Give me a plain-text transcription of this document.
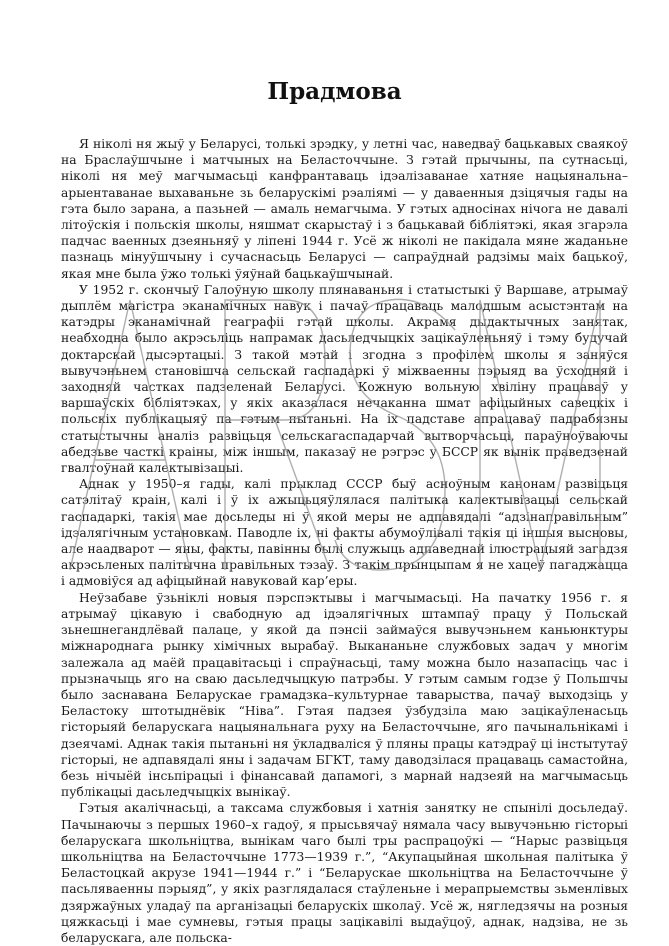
Прадмова

Я ніколі ня жыў у Беларусі, толькі зрэдку, у летні час, наведваў бацькавых сваякоў на Браслаўшчыне і матчыных на Беласточчыне. З гэтай прычыны, па сутнасьці, ніколі ня меў магчымасьці канфрантаваць ідэалізаванае хатняе нацыянальна–арыентаванае выхаваньне зь беларускімі рэаліямі — у даваенныя дзіцячыя гады на гэта было зарана, а пазьней — амаль немагчыма. У гэтых адносінах нічога не давалі літоўскія і польскія школы, няшмат скарыстаў і з бацькавай бібліятэкі, якая згарэла падчас ваенных дзеяньняў у ліпені 1944 г. Усё ж ніколі не пакідала мяне жаданьне пазнаць мінуўшчыну і сучаснасьць Беларусі — сапраўднай радзімы маіх бацькоў, якая мне была ўжо толькі ўяўнай бацькаўшчынай.

У 1952 г. скончыў Галоўную школу плянаваньня і статыстыкі ў Варшаве, атрымаў дыплём магістра эканамічных навук і пачаў працаваць малодшым асыстэнтам на катэдры эканамічнай геаграфіі гэтай школы. Акрамя дыдактычных занятак, неабходна было акрэсьліць напрамак дасьледчыцкіх зацікаўленьняў і тэму будучай доктарскай дысэртацыі. З такой мэтай і згодна з профілем школы я заняўся вывучэньнем становішча сельскай гаспадаркі ў міжваенны пэрыяд ва ўсходняй і заходняй частках падзеленай Беларусі. Кожную вольную хвіліну працаваў у варшаўскіх бібліятэках, у якіх аказалася нечаканна шмат афіцыйных савецкіх і польскіх публікацыяў па гэтым пытаньні. На іх падставе апрацаваў падрабязны статыстычны аналіз развіцьця сельскагаспадарчай вытворчасьці, параўноўваючы абедзьве часткі краіны, між іншым, паказаў не рэгрэс у БССР як вынік праведзенай гвалтоўнай калектывізацыі.

Аднак у 1950–я гады, калі прыклад СССР быў асноўным канонам развіцьця сатэлітаў краін, калі і ў іх ажыцьцяўлялася палітыка калектывізацыі сельскай гаспадаркі, такія мае досьледы ні ў якой меры не адпавядалі “адзінаправільным” ідэалягічным установкам. Паводле іх, ні факты абумоўлівалі такія ці іншыя высновы, але наадварот — яны, факты, павінны былі служыць адпаведнай ілюстрацыяй загадзя акрэсьленых палітычна правільных тэзаў. З такім прынцыпам я не хацеў пагаджацца і адмовіўся ад афіцыйнай навуковай кар’еры.

Неўзабаве ўзьніклі новыя пэрспэктывы і магчымасьці. На пачатку 1956 г. я атрымаў цікавую і свабодную ад ідэалягічных штампаў працу ў Польскай зьнешнегандлёвай палаце, у якой да пэнсіі займаўся вывучэньнем каньюнктуры міжнароднага рынку хімічных вырабаў. Выкананьне службовых задач у многім залежала ад маёй працавітасьці і спраўнасьці, таму можна было назапасіць час і прызначыць яго на сваю дасьледчыцкую патрэбы. У гэтым самым годзе ў Польшчы было заснавана Беларускае грамадзка–культурнае таварыства, пачаў выходзіць у Беластоку штотыднёвік “Ніва”. Гэтая падзея ўзбудзіла маю зацікаўленасьць гісторыяй беларускага нацыянальнага руху на Беласточчыне, яго пачынальнікамі і дзеячамі. Аднак такія пытаньні ня ўкладваліся ў пляны працы катэдраў ці інстытутаў гісторыі, не адпавядалі яны і задачам БГКТ, таму даводзілася працаваць самастойна, безь нічыёй інсьпірацыі і фінансавай дапамогі, з марнай надзеяй на магчымасьць публікацыі дасьледчыцкіх вынікаў.

Гэтыя акалічнасьці, а таксама службовыя і хатнія занятку не спынілі досьледаў. Пачынаючы з першых 1960–х гадоў, я прысьвячаў нямала часу вывучэньню гісторыі беларускага школьніцтва, вынікам чаго былі тры распрацоўкі — “Нарыс развіцьця школьніцтва на Беласточчыне 1773—1939 г.”, “Акупацыйная школьная палітыка ў Беластоцкай акрузе 1941—1944 г.” і “Беларускае школьніцтва на Беласточчыне ў пасьляваенны пэрыяд”, у якіх разглядалася стаўленьне і мерапрыемствы зьменлівых дзяржаўных уладаў па арганізацыі беларускіх школаў. Усё ж, нягледзячы на розныя цяжкасьці і мае сумневы, гэтыя працы зацікавілі выдаўцоў, аднак, надзіва, не зь беларускага, але польска-
